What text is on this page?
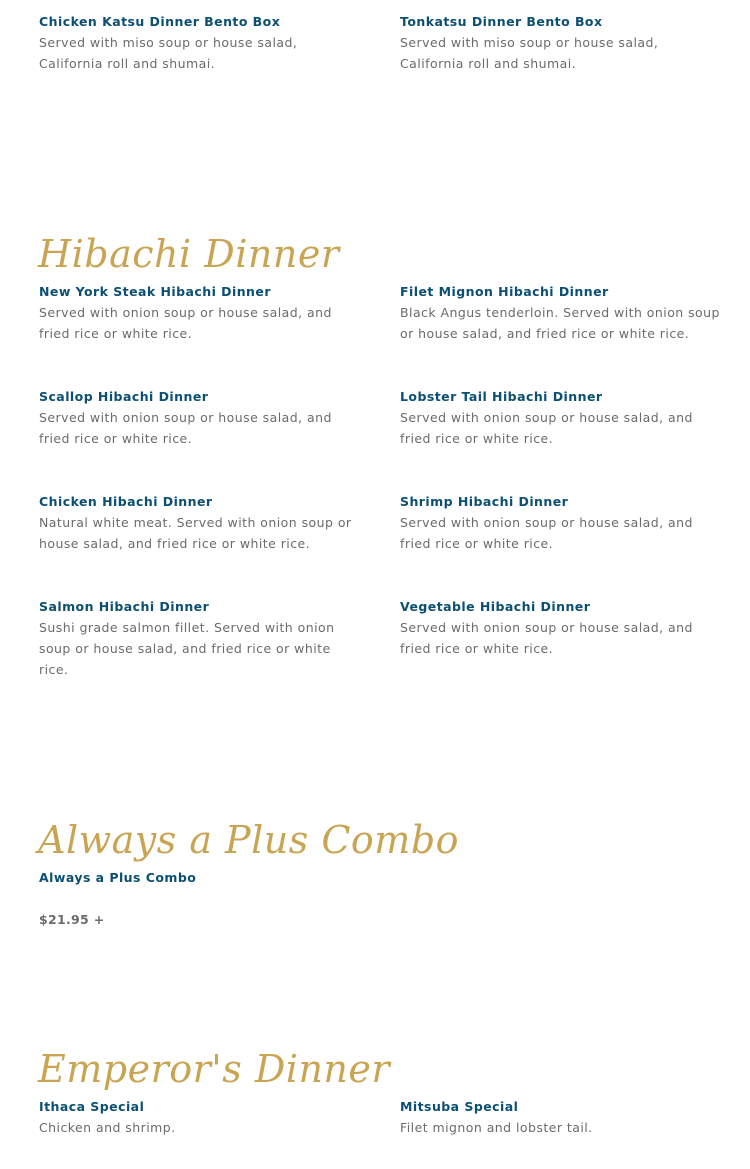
Chicken Katsu Dinner Bento Box

Served with miso soup or house salad, California roll and shumai.

Tonkatsu Dinner Bento Box

Served with miso soup or house salad, California roll and shumai.

Hibachi Dinner

New York Steak Hibachi Dinner

Served with onion soup or house salad, and fried rice or white rice.

Filet Mignon Hibachi Dinner

Black Angus tenderloin. Served with onion soup or house salad, and fried rice or white rice.

Scallop Hibachi Dinner

Served with onion soup or house salad, and fried rice or white rice.

Lobster Tail Hibachi Dinner

Served with onion soup or house salad, and fried rice or white rice.

Chicken Hibachi Dinner

Natural white meat. Served with onion soup or house salad, and fried rice or white rice.

Shrimp Hibachi Dinner

Served with onion soup or house salad, and fried rice or white rice.

Salmon Hibachi Dinner

Sushi grade salmon fillet. Served with onion soup or house salad, and fried rice or white rice.

Vegetable Hibachi Dinner

Served with onion soup or house salad, and fried rice or white rice.

Always a Plus Combo

Always a Plus Combo

$21.95 +

Emperor's Dinner

Ithaca Special

Chicken and shrimp.

Mitsuba Special

Filet mignon and lobster tail.
